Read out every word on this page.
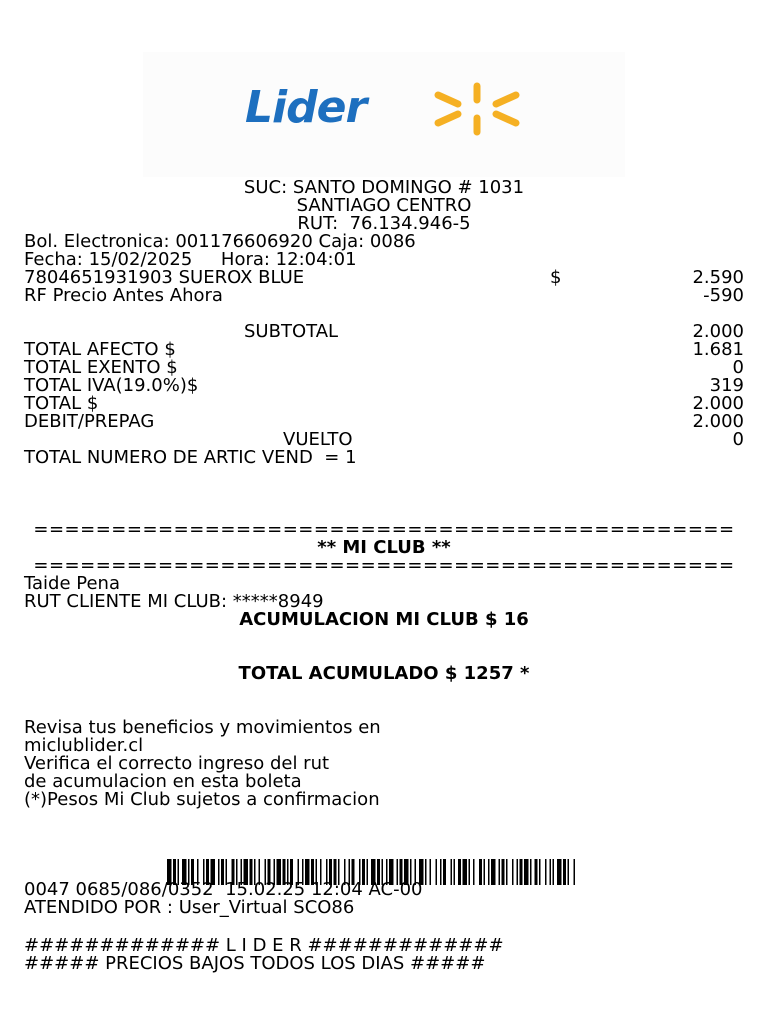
Lider
SUC: SANTO DOMINGO # 1031
SANTIAGO CENTRO
RUT:  76.134.946-5
Bol. Electronica: 001176606920 Caja: 0086
Fecha: 15/02/2025     Hora: 12:04:01
7804651931903 SUEROX BLUE	$	2.590
RF Precio Antes Ahora	-590
SUBTOTAL	2.000
TOTAL AFECTO $	1.681
TOTAL EXENTO $	0
TOTAL IVA(19.0%)$	319
TOTAL $	2.000
DEBIT/PREPAG	2.000
VUELTO	0
TOTAL NUMERO DE ARTIC VEND  = 1
=============================================
** MI CLUB **
=============================================
Taide Pena
RUT CLIENTE MI CLUB: *****8949
ACUMULACION MI CLUB $ 16
TOTAL ACUMULADO $ 1257 *
Revisa tus beneficios y movimientos en
miclublider.cl
Verifica el correcto ingreso del rut
de acumulacion en esta boleta
(*)Pesos Mi Club sujetos a confirmacion
0047 0685/086/0352  15.02.25 12:04 AC-00
ATENDIDO POR : User_Virtual SCO86
############# L I D E R #############
##### PRECIOS BAJOS TODOS LOS DIAS #####
